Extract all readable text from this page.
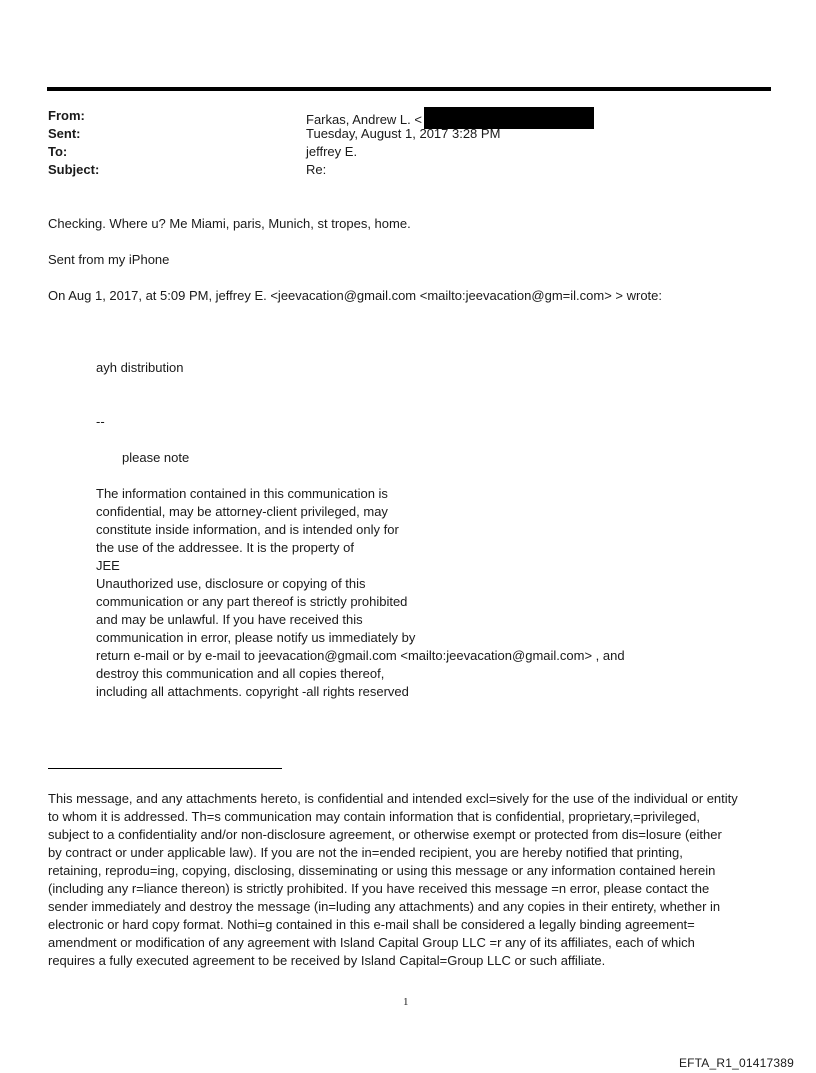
From:	Farkas, Andrew L. <
Sent:	Tuesday, August 1, 2017 3:28 PM
To:	jeffrey E.
Subject:	Re:
Checking. Where u? Me Miami, paris, Munich, st tropes, home.
Sent from my iPhone
On Aug 1, 2017, at 5:09 PM, jeffrey E. <jeevacation@gmail.com <mailto:jeevacation@gm=il.com> > wrote:
ayh distribution
--
please note
The information contained in this communication is
confidential, may be attorney-client privileged, may
constitute inside information, and is intended only for
the use of the addressee. It is the property of
JEE
Unauthorized use, disclosure or copying of this
communication or any part thereof is strictly prohibited
and may be unlawful. If you have received this
communication in error, please notify us immediately by
return e-mail or by e-mail to jeevacation@gmail.com <mailto:jeevacation@gmail.com> , and
destroy this communication and all copies thereof,
including all attachments. copyright -all rights reserved
This message, and any attachments hereto, is confidential and intended excl=sively for the use of the individual or entity
to whom it is addressed. Th=s communication may contain information that is confidential, proprietary,=privileged,
subject to a confidentiality and/or non-disclosure agreement, or otherwise exempt or protected from dis=losure (either
by contract or under applicable law). If you are not the in=ended recipient, you are hereby notified that printing,
retaining, reprodu=ing, copying, disclosing, disseminating or using this message or any information contained herein
(including any r=liance thereon) is strictly prohibited. If you have received this message =n error, please contact the
sender immediately and destroy the message (in=luding any attachments) and any copies in their entirety, whether in
electronic or hard copy format. Nothi=g contained in this e-mail shall be considered a legally binding agreement=
amendment or modification of any agreement with Island Capital Group LLC =r any of its affiliates, each of which
requires a fully executed agreement to be received by Island Capital=Group LLC or such affiliate.
1
EFTA_R1_01417389
